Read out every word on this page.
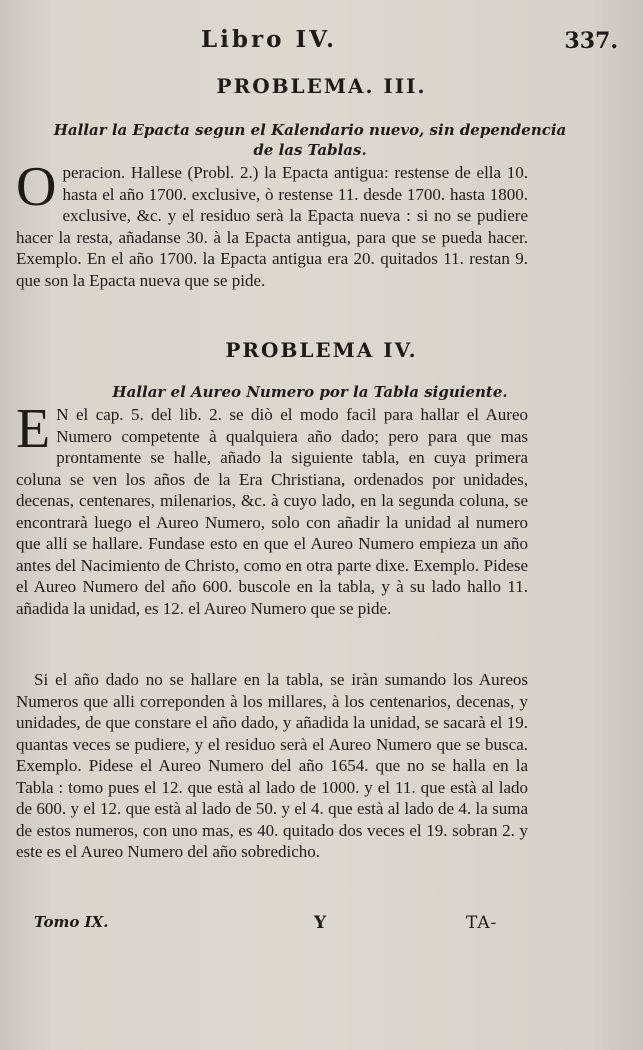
Libro IV.	337.
PROBLEMA. III.
Hallar la Epacta segun el Kalendario nuevo, sin dependencia
de las Tablas.
Operacion. Hallese (Probl. 2.) la Epacta antigua: restense de ella 10. hasta el año 1700. exclusive, ò restense 11. desde 1700. hasta 1800. exclusive, &c. y el residuo serà la Epacta nueva : si no se pudiere hacer la resta, añadanse 30. à la Epacta antigua, para que se pueda hacer. Exemplo. En el año 1700. la Epacta antigua era 20. quitados 11. restan 9. que son la Epacta nueva que se pide.
PROBLEMA IV.
Hallar el Aureo Numero por la Tabla siguiente.
E N el cap. 5. del lib. 2. se diò el modo facil para hallar el Aureo Numero competente à qualquiera año dado; pero para que mas prontamente se halle, añado la siguiente tabla, en cuya primera coluna se ven los años de la Era Christiana, ordenados por unidades, decenas, centenares, milenarios, &c. à cuyo lado, en la segunda coluna, se encontrarà luego el Aureo Numero, solo con añadir la unidad al numero que alli se hallare. Fundase esto en que el Aureo Numero empieza un año antes del Nacimiento de Christo, como en otra parte dixe. Exemplo. Pidese el Aureo Numero del año 600. buscole en la tabla, y à su lado hallo 11. añadida la unidad, es 12. el Aureo Numero que se pide.
Si el año dado no se hallare en la tabla, se iràn sumando los Aureos Numeros que alli correponden à los millares, à los centenarios, decenas, y unidades, de que constare el año dado, y añadida la unidad, se sacarà el 19. quantas veces se pudiere, y el residuo serà el Aureo Numero que se busca. Exemplo. Pidese el Aureo Numero del año 1654. que no se halla en la Tabla : tomo pues el 12. que està al lado de 1000. y el 11. que està al lado de 600. y el 12. que està al lado de 50. y el 4. que està al lado de 4. la suma de estos numeros, con uno mas, es 40. quitado dos veces el 19. sobran 2. y este es el Aureo Numero del año sobredicho.
Tomo IX.	Y	TA-
